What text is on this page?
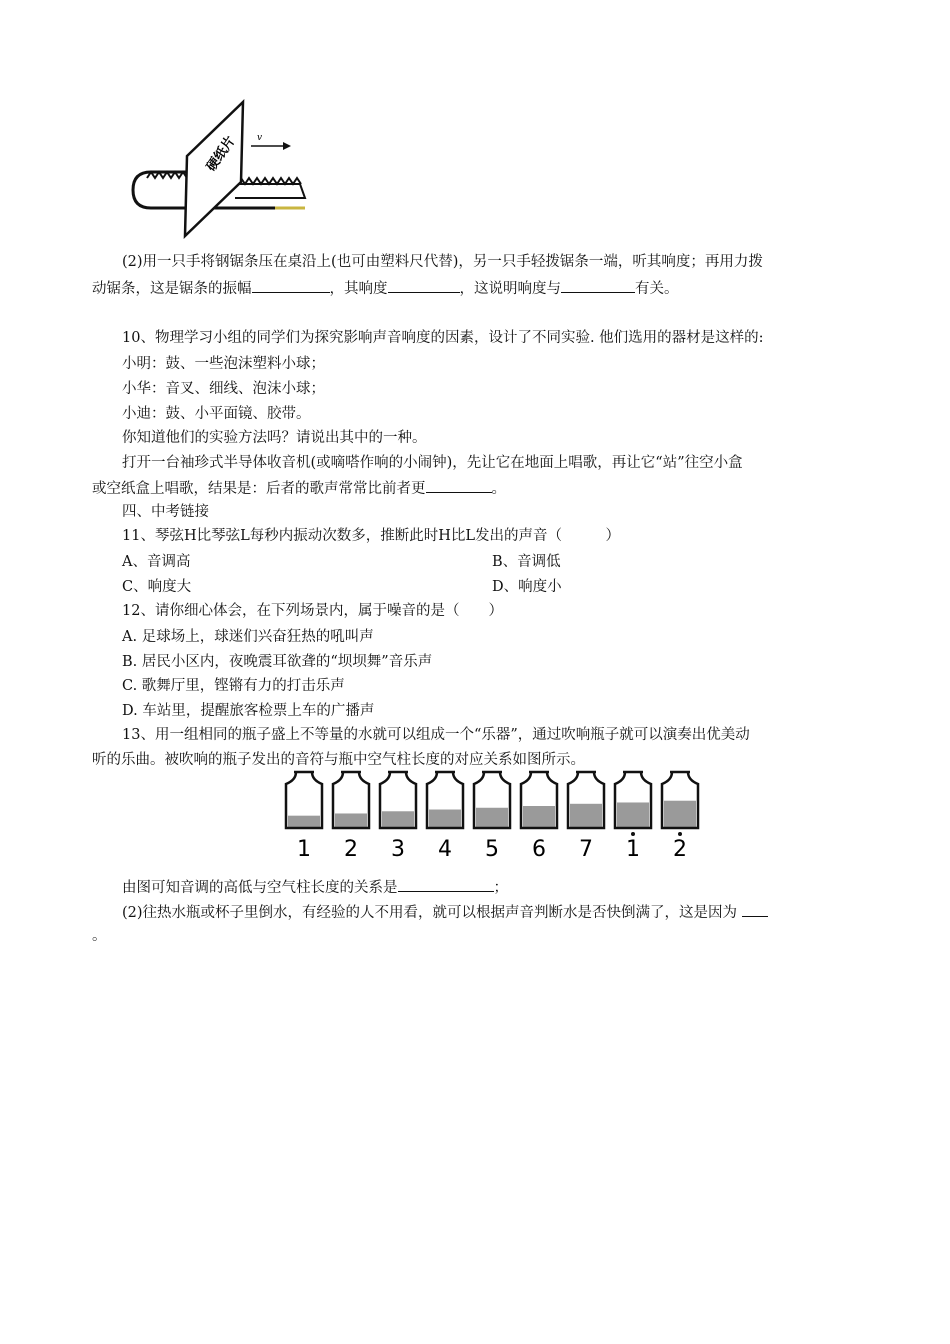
硬纸片 v
(2)用一只手将钢锯条压在桌沿上(也可由塑料尺代替)，另一只手轻拨锯条一端，听其响度；再用力拨
动锯条，这是锯条的振幅	，其响度	，这说明响度与	有关。
10、物理学习小组的同学们为探究影响声音响度的因素，设计了不同实验. 他们选用的器材是这样的:
小明：鼓、一些泡沫塑料小球；
小华：音叉、细线、泡沫小球；
小迪：鼓、小平面镜、胶带。
你知道他们的实验方法吗？请说出其中的一种。
打开一台袖珍式半导体收音机(或嘀嗒作响的小闹钟)，先让它在地面上唱歌，再让它“站”往空小盒
或空纸盒上唱歌，结果是：后者的歌声常常比前者更	。
四、中考链接
11、琴弦H比琴弦L每秒内振动次数多，推断此时H比L发出的声音（　　　）
A、音调高	B、音调低
C、响度大	D、响度小
12、请你细心体会，在下列场景内，属于噪音的是（　　）
A. 足球场上，球迷们兴奋狂热的吼叫声
B. 居民小区内，夜晚震耳欲聋的“坝坝舞”音乐声
C. 歌舞厅里，铿锵有力的打击乐声
D. 车站里，提醒旅客检票上车的广播声
13、用一组相同的瓶子盛上不等量的水就可以组成一个“乐器”，通过吹响瓶子就可以演奏出优美动
听的乐曲。被吹响的瓶子发出的音符与瓶中空气柱长度的对应关系如图所示。
1 2 3 4 5 6 7 1 2
由图可知音调的高低与空气柱长度的关系是	；
(2)往热水瓶或杯子里倒水，有经验的人不用看，就可以根据声音判断水是否快倒满了，这是因为
。
